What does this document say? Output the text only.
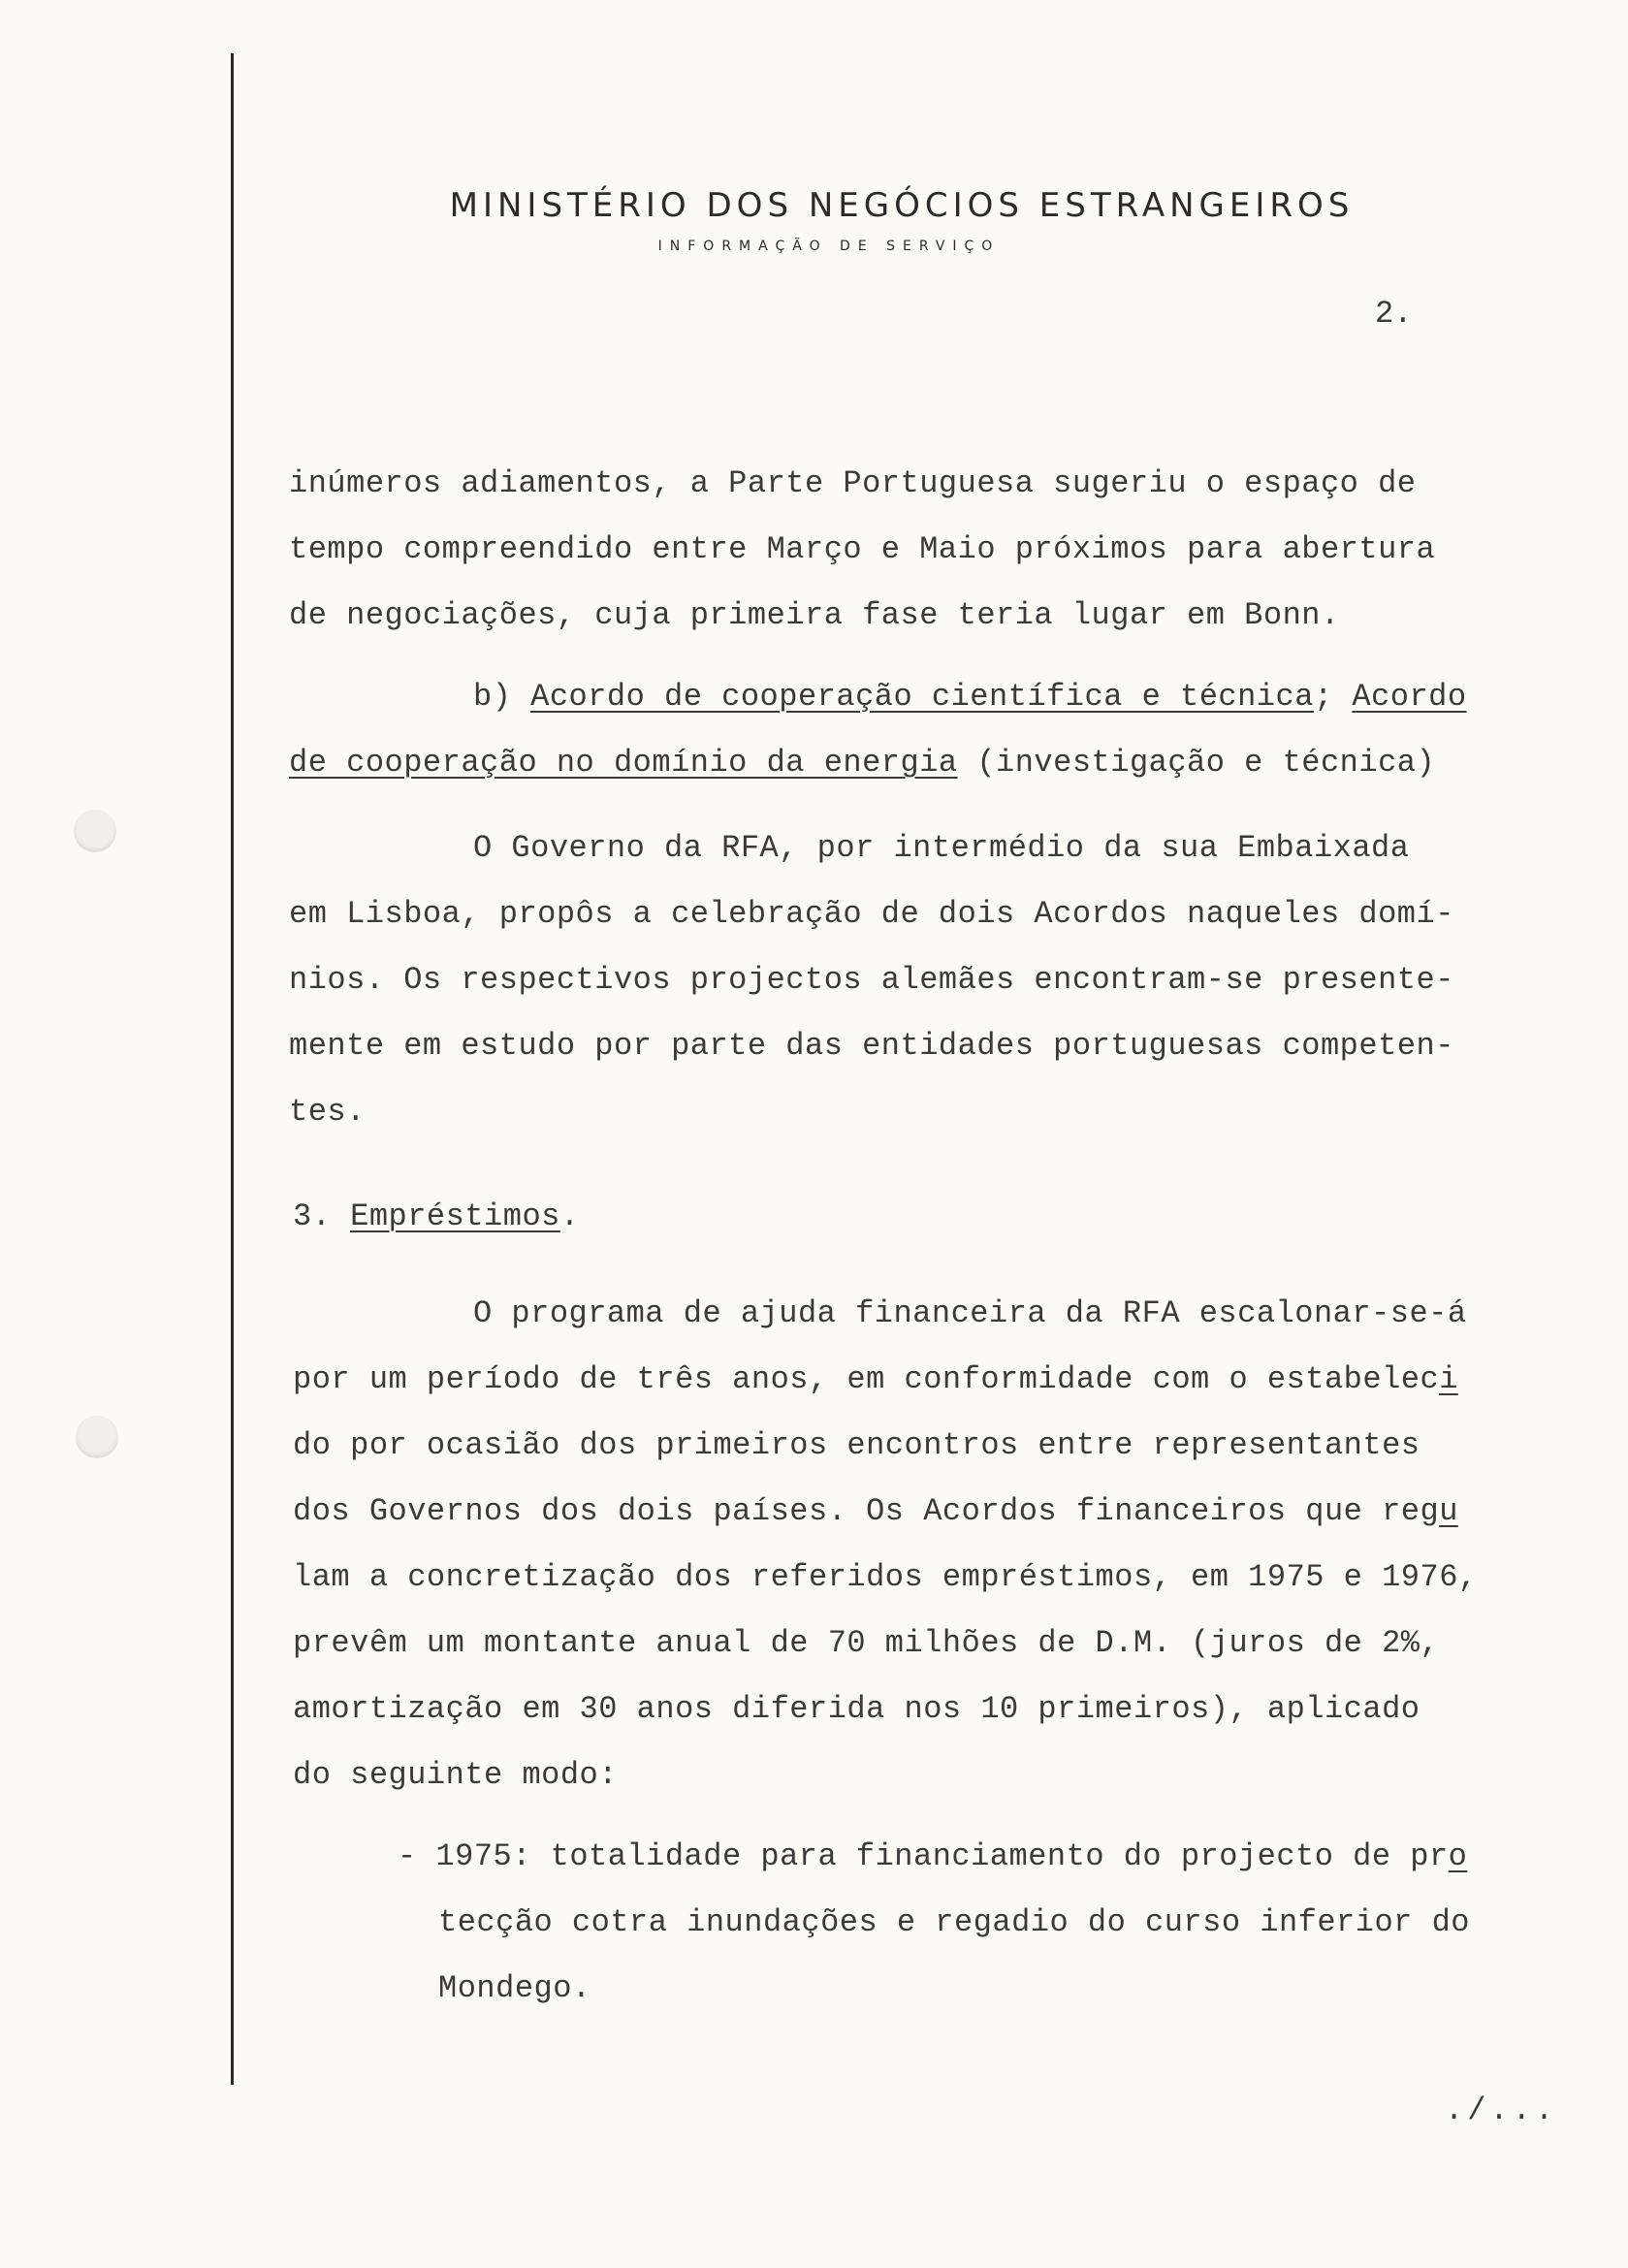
MINISTÉRIO DOS NEGÓCIOS ESTRANGEIROS
INFORMAÇÃO DE SERVIÇO
2.
inúmeros adiamentos, a Parte Portuguesa sugeriu o espaço de
tempo compreendido entre Março e Maio próximos para abertura
de negociações, cuja primeira fase teria lugar em Bonn.
b) Acordo de cooperação científica e técnica; Acordo
de cooperação no domínio da energia (investigação e técnica)
O Governo da RFA, por intermédio da sua Embaixada
em Lisboa, propôs a celebração de dois Acordos naqueles domí-
nios. Os respectivos projectos alemães encontram-se presente-
mente em estudo por parte das entidades portuguesas competen-
tes.
3. Empréstimos.
O programa de ajuda financeira da RFA escalonar-se-á
por um período de três anos, em conformidade com o estabeleci
do por ocasião dos primeiros encontros entre representantes
dos Governos dos dois países. Os Acordos financeiros que regu
lam a concretização dos referidos empréstimos, em 1975 e 1976,
prevêm um montante anual de 70 milhões de D.M. (juros de 2%,
amortização em 30 anos diferida nos 10 primeiros), aplicado
do seguinte modo:
- 1975: totalidade para financiamento do projecto de pro
tecção cotra inundações e regadio do curso inferior do
Mondego.
./...
